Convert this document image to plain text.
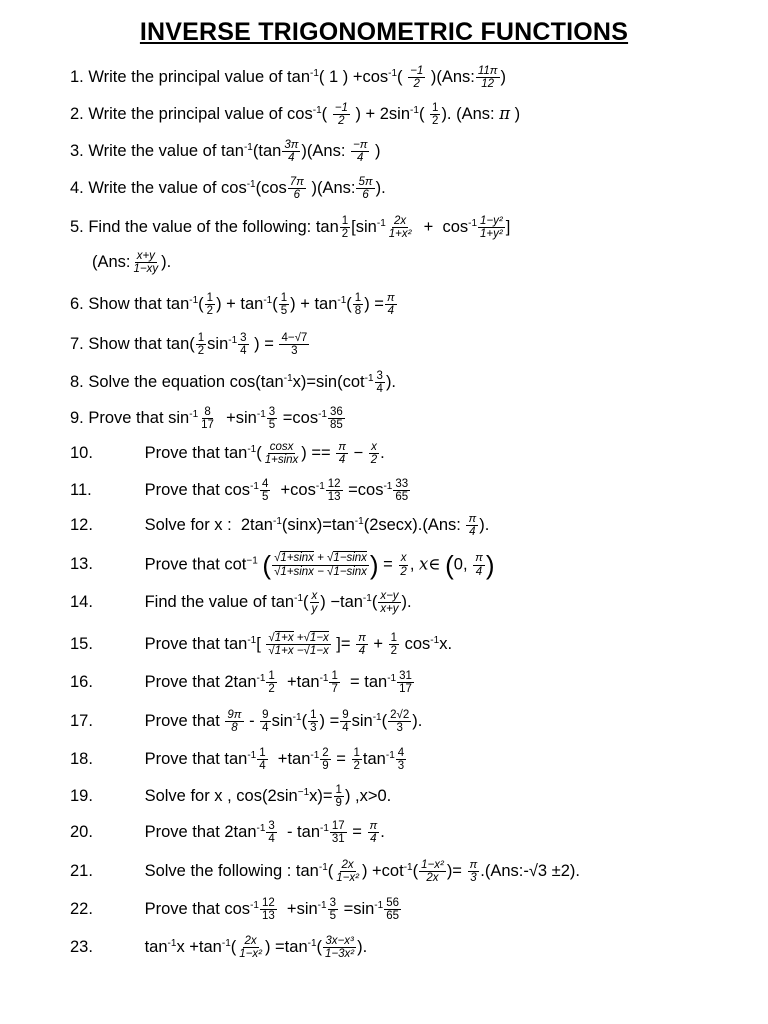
INVERSE TRIGONOMETRIC FUNCTIONS
1. Write the principal value of $\tan^{-1}$( 1 ) $+\cos^{-1}( \frac{-1}{2} )(Ans$: $\frac{11\pi}{12}$ )
2. Write the principal value of $\cos^{-1}( \frac{-1}{2}$ ) + $2\sin^{-1}( \frac{1}{2}$ ). (Ans: π )
3. Write the value of $\tan^{-1}(\tan \frac{3\pi}{4} )(Ans$: $\frac{-\pi}{4}$ )
4. Write the value of $\cos^{-1}(\cos \frac{7\pi}{6} )(Ans$: $\frac{5\pi}{6}$ ).
5. Find the value of the following: $\tan \frac{1}{2} [\sin^{-1} \frac{2x}{\text{1+x²}} + \cos^{-1} \frac{\text{1−y²}}{\text{1+y²}}$ ]
(Ans: $\frac{x+y}{1-xy}$ ).
6. Show that $\tan^{-1}( \frac{1}{2}$ ) + $\tan^{-1}( \frac{1}{5}$ ) + $\tan^{-1}( \frac{1}{8}$ ) = $\frac{\pi}{4}$
7. Show that $\tan( \frac{1}{2} \sin^{-1} \frac{3}{4}$ ) = $\frac{4-√7}{3}$
8. Solve the equation $\cos(\tan^{-1}x)=\sin(\cot^{-1} \frac{3}{4}$ ).
9. Prove that $\sin^{-1} \frac{8}{17} +\sin^{-1} \frac{3}{5} =\cos^{-1} \frac{36}{85}$
10.	Prove that $\tan^{-1}( \frac{\cos x}{1+\sin x}$ ) == $\frac{\pi}{4} - \frac{x}{2}$ .
11.	Prove that $\cos^{-1} \frac{4}{5} +\cos^{-1} \frac{12}{13} =\cos^{-1} \frac{33}{65}$
12.	Solve for x :  $2\tan^{-1}(\sin x)=\tan^{-1}(2\sec x).(Ans$: $\frac{\pi}{4}$ ).
13.	Prove that $\cot^{-1}$ ( $\frac{√1+\sin x + √1-\sin x}{√1+\sin x - √1-\sin x}$ ) = $\frac{x}{2}$ , x∈ (0, $\frac{\pi}{4}$ )
14.	Find the value of $\tan^{-1}( \frac{x}{y}$ ) $-\tan^{-1}( \frac{x-y}{x+y}$ ).
15.	Prove that $\tan^{-1}[ \frac{√1+x +√1-x}{√1+x -√1-x}$ ]= $\frac{\pi}{4} + \frac{1}{2} \cos^{-1}x$.
16.	Prove that $2\tan^{-1} \frac{1}{2} +\tan^{-1} \frac{1}{7} = \tan^{-1} \frac{31}{17}$
17.	Prove that $\frac{9\pi}{8} - \frac{9}{4} \sin^{-1}( \frac{1}{3}$ ) = $\frac{9}{4} \sin^{-1}( \frac{2√2}{3}$ ).
18.	Prove that $\tan^{-1} \frac{1}{4} +\tan^{-1} \frac{2}{9} = \frac{1}{2} \tan^{-1} \frac{4}{3}$
19.	Solve for x , $\cos(2\sin^{-1}x)= \frac{1}{9}$ ) ,x>0.
20.	Prove that $2\tan^{-1} \frac{3}{4} - \tan^{-1} \frac{17}{31} = \frac{\pi}{4}$ .
21.	Solve the following : $\tan^{-1}( \frac{2x}{\text{1−x²}}$ ) $+\cot^{-1}( \frac{\text{1−x²}}{2x}$ )= $\frac{\pi}{3}$ .(Ans:-√3 ±2).
22.	Prove that $\cos^{-1} \frac{12}{13} +\sin^{-1} \frac{3}{5} =\sin^{-1} \frac{56}{65}$
23.	$\tan^{-1}x +\tan^{-1}( \frac{2x}{\text{1−x²}}$ ) $=\tan^{-1}( \frac{\text{3x−x³}}{\text{1−3x²}}$ ).
